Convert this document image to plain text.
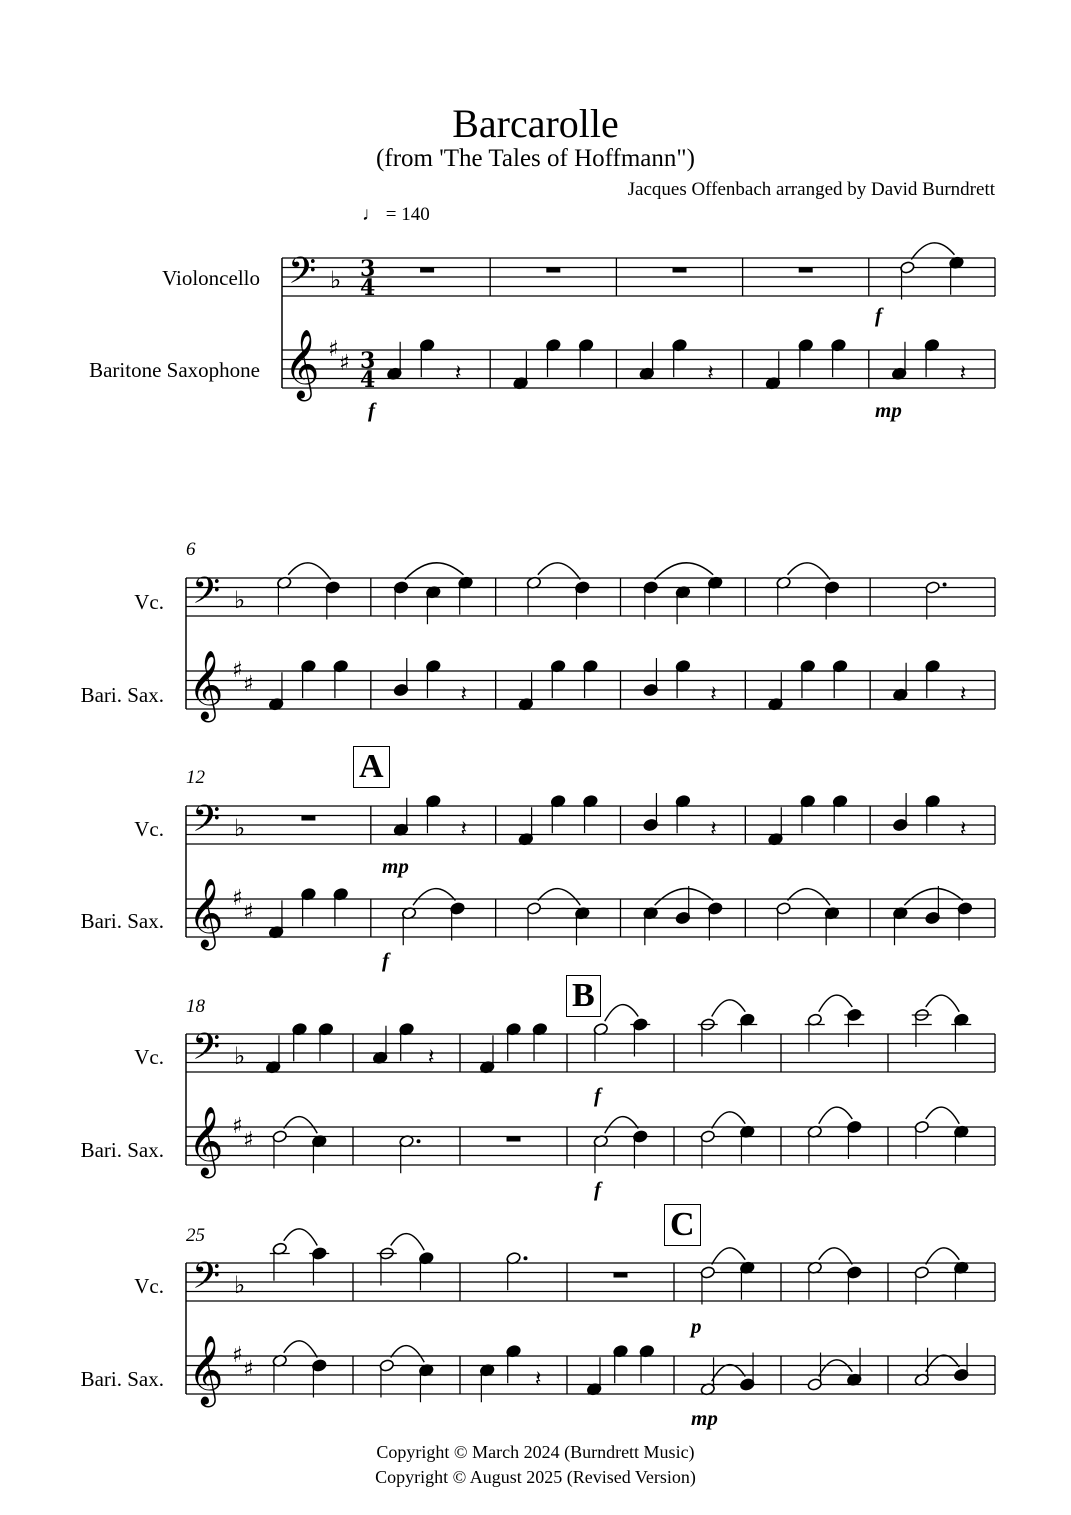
Barcarolle
(from 'The Tales of Hoffmann")
Jacques Offenbach arranged by David Burndrett
♩ = 140
Violoncello
Baritone Saxophone
Vc.
Bari. Sax.
Vc.
Bari. Sax.
Vc.
Bari. Sax.
Vc.
Bari. Sax.
6
12
18
25
A
B
C
f
f
mp
mp
f
f
f
p
mp
Copyright © March 2024 (Burndrett Music)
Copyright © August 2025 (Revised Version)
𝄢
𝄞
♭
♯
♯
3
4
3
4	𝄽	𝄽	𝄽
𝄢
𝄞
♭
♯
♯	𝄽	𝄽	𝄽
𝄢
𝄞
♭
♯
♯
𝄽	𝄽	𝄽
𝄢
𝄞
♭
♯
♯
𝄽
𝄢
𝄞
♭
♯
♯	𝄽
